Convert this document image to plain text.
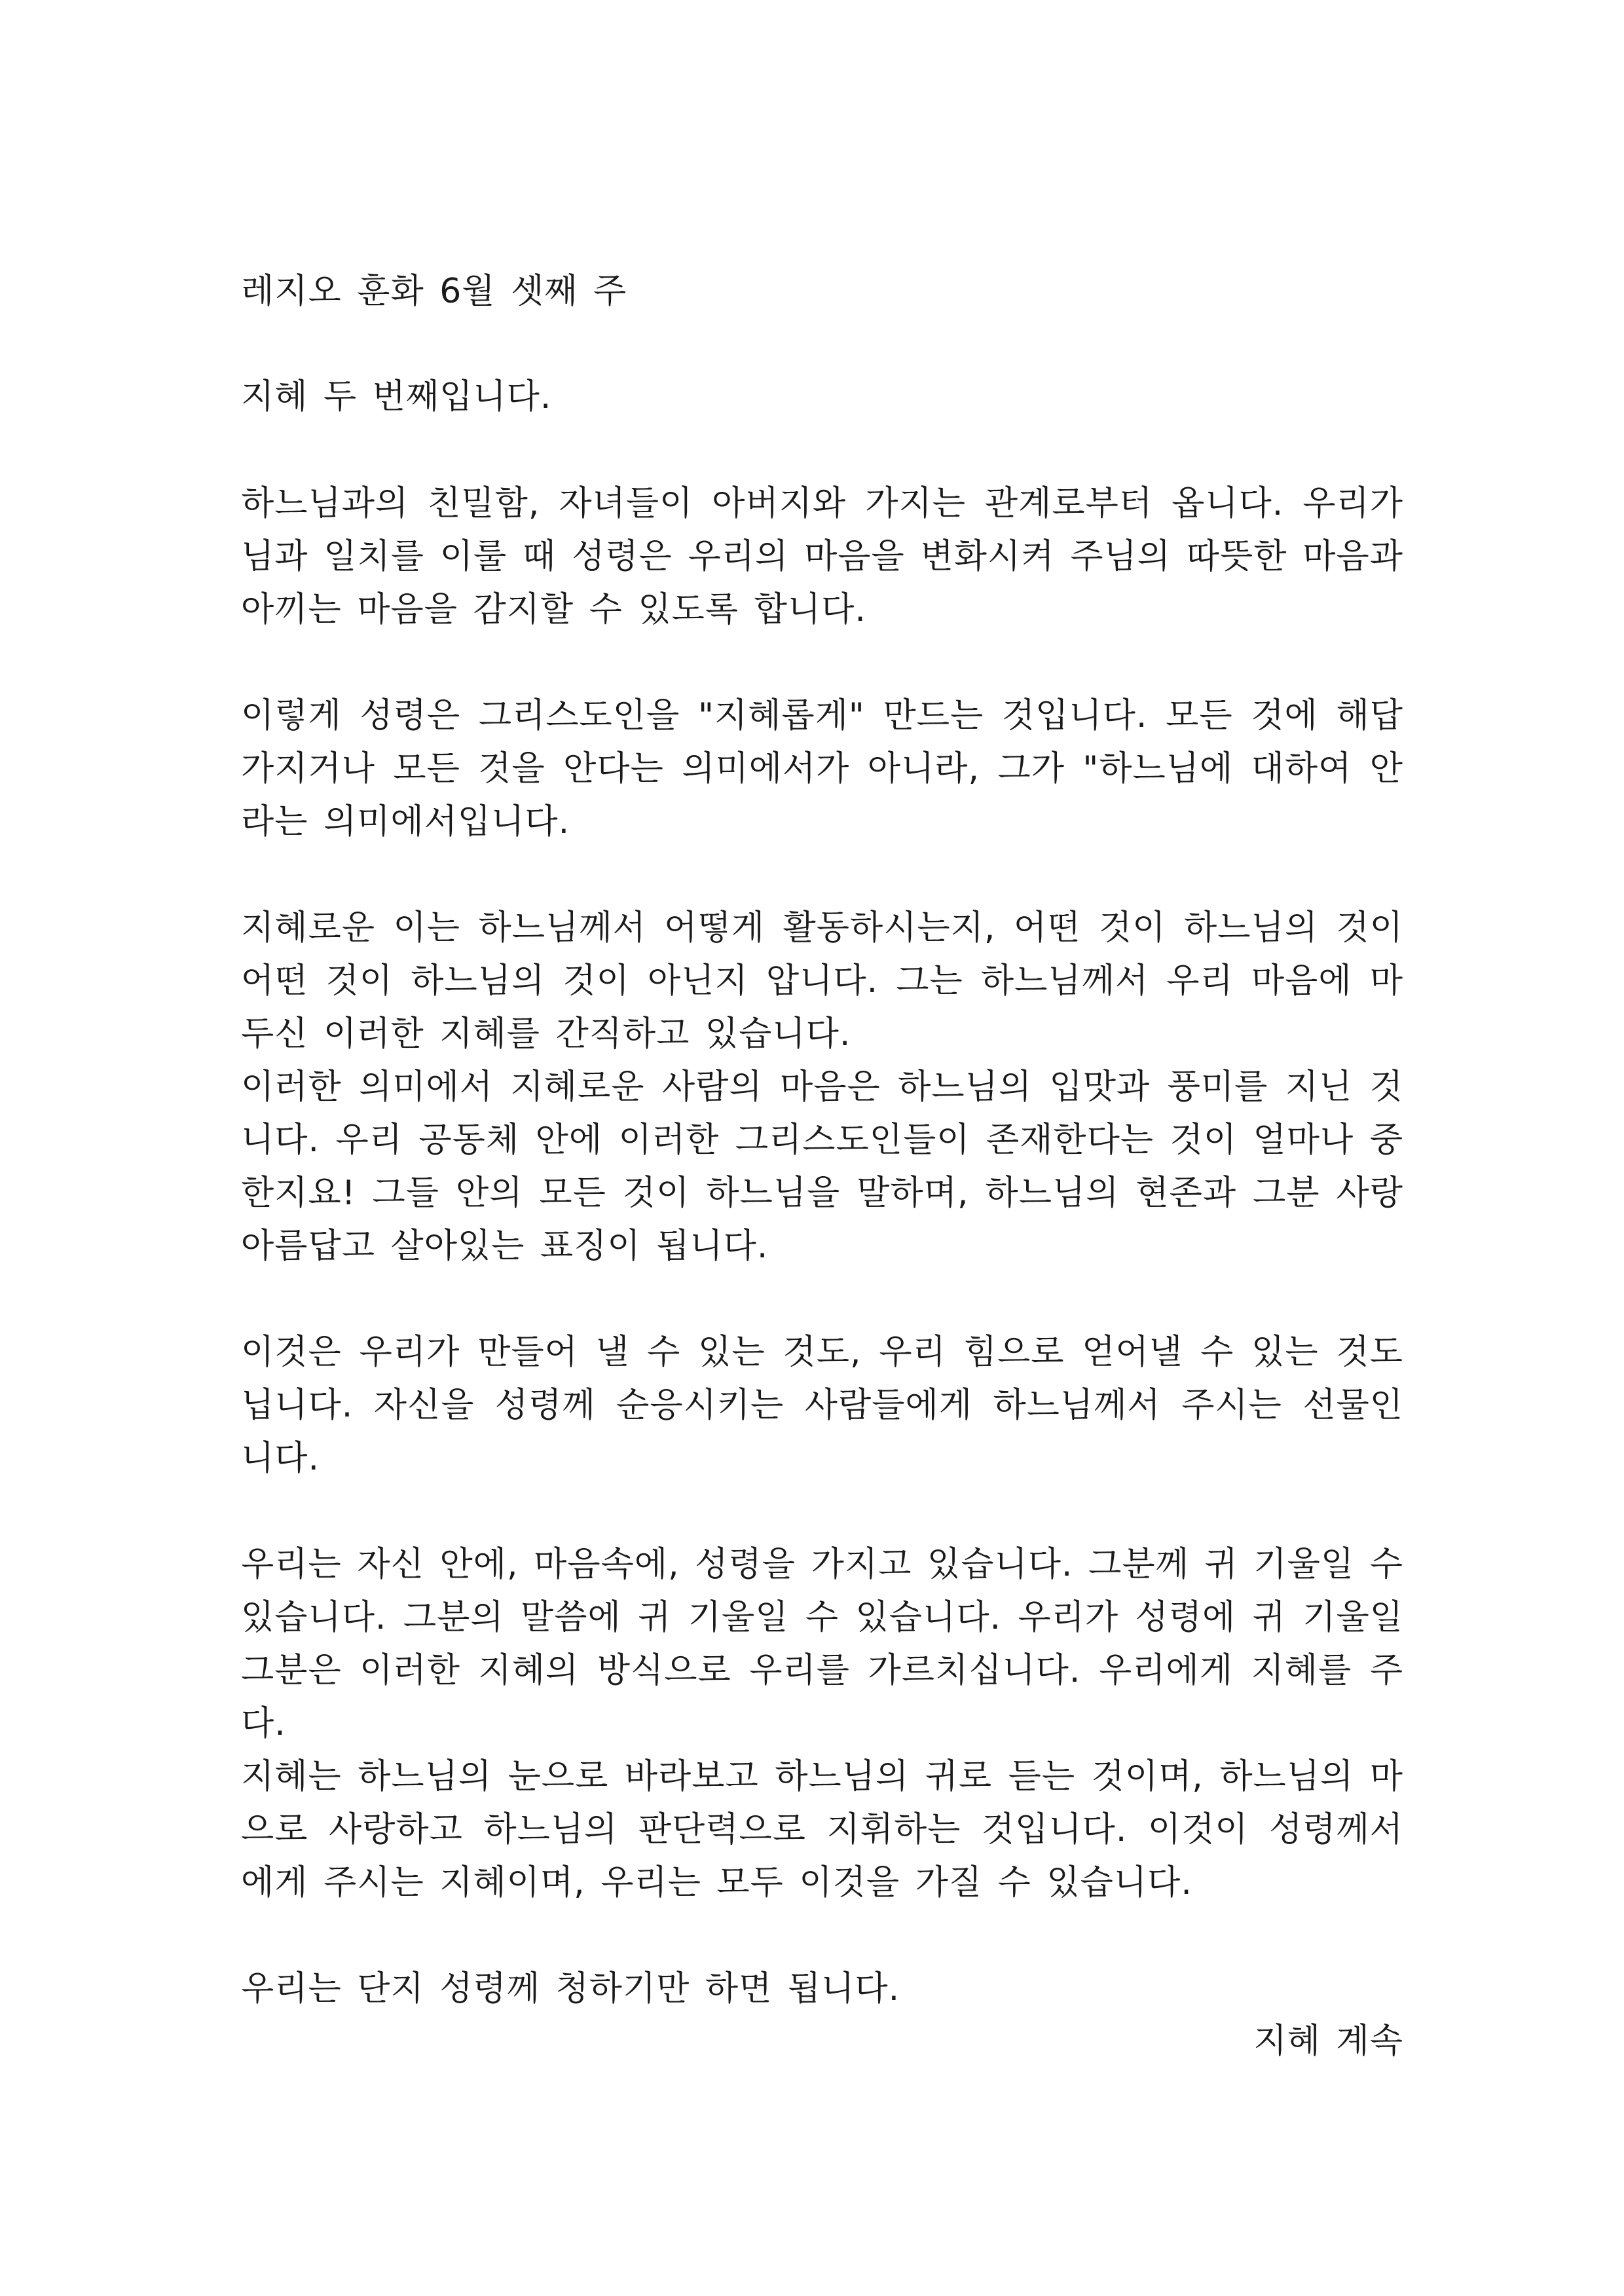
레지오 훈화 6월 셋째 주
지혜 두 번째입니다.
하느님과의 친밀함, 자녀들이 아버지와 가지는 관계로부터 옵니다. 우리가
님과 일치를 이룰 때 성령은 우리의 마음을 변화시켜 주님의 따뜻한 마음과
아끼는 마음을 감지할 수 있도록 합니다.
이렇게 성령은 그리스도인을 "지혜롭게" 만드는 것입니다. 모든 것에 해답
가지거나 모든 것을 안다는 의미에서가 아니라, 그가 "하느님에 대하여 안
라는 의미에서입니다.
지혜로운 이는 하느님께서 어떻게 활동하시는지, 어떤 것이 하느님의 것이
어떤 것이 하느님의 것이 아닌지 압니다. 그는 하느님께서 우리 마음에 마
두신 이러한 지혜를 간직하고 있습니다.
이러한 의미에서 지혜로운 사람의 마음은 하느님의 입맛과 풍미를 지닌 것
니다. 우리 공동체 안에 이러한 그리스도인들이 존재한다는 것이 얼마나 중
한지요! 그들 안의 모든 것이 하느님을 말하며, 하느님의 현존과 그분 사랑
아름답고 살아있는 표징이 됩니다.
이것은 우리가 만들어 낼 수 있는 것도, 우리 힘으로 얻어낼 수 있는 것도
닙니다. 자신을 성령께 순응시키는 사람들에게 하느님께서 주시는 선물인
니다.
우리는 자신 안에, 마음속에, 성령을 가지고 있습니다. 그분께 귀 기울일 수
있습니다. 그분의 말씀에 귀 기울일 수 있습니다. 우리가 성령에 귀 기울일
그분은 이러한 지혜의 방식으로 우리를 가르치십니다. 우리에게 지혜를 주
다.
지혜는 하느님의 눈으로 바라보고 하느님의 귀로 듣는 것이며, 하느님의 마
으로 사랑하고 하느님의 판단력으로 지휘하는 것입니다. 이것이 성령께서
에게 주시는 지혜이며, 우리는 모두 이것을 가질 수 있습니다.
우리는 단지 성령께 청하기만 하면 됩니다.
지혜 계속
